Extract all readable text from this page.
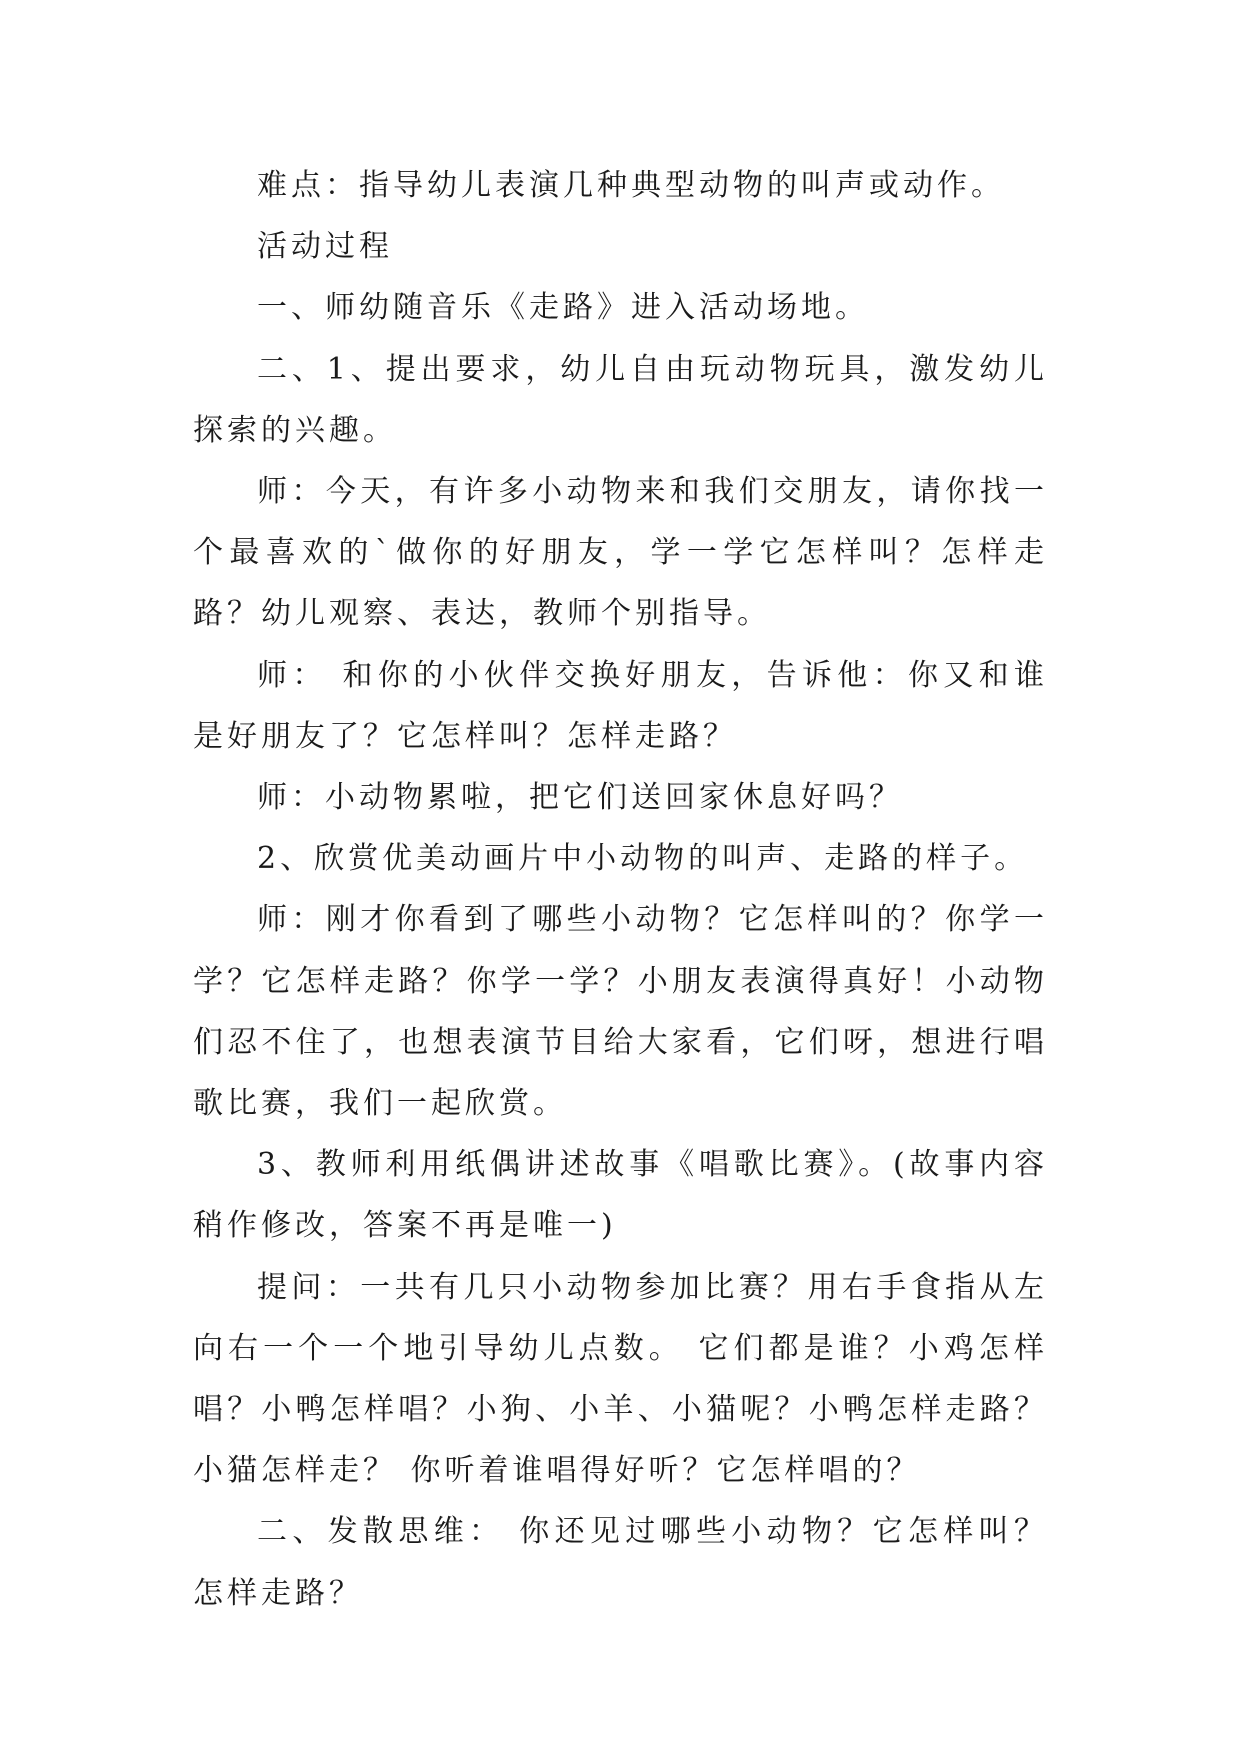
难点：指导幼儿表演几种典型动物的叫声或动作。

活动过程

一、师幼随音乐《走路》进入活动场地。

二、1、提出要求，幼儿自由玩动物玩具，激发幼儿探索的兴趣。

师：今天，有许多小动物来和我们交朋友，请你找一个最喜欢的`做你的好朋友，学一学它怎样叫？怎样走路？幼儿观察、表达，教师个别指导。

师： 和你的小伙伴交换好朋友，告诉他：你又和谁是好朋友了？它怎样叫？怎样走路？

师：小动物累啦，把它们送回家休息好吗？

2、欣赏优美动画片中小动物的叫声、走路的样子。

师：刚才你看到了哪些小动物？它怎样叫的？你学一学？它怎样走路？你学一学？小朋友表演得真好！小动物们忍不住了，也想表演节目给大家看，它们呀，想进行唱歌比赛，我们一起欣赏。

3、教师利用纸偶讲述故事《唱歌比赛》。(故事内容稍作修改，答案不再是唯一)

提问：一共有几只小动物参加比赛？用右手食指从左向右一个一个地引导幼儿点数。 它们都是谁？小鸡怎样唱？小鸭怎样唱？小狗、小羊、小猫呢？小鸭怎样走路？小猫怎样走？ 你听着谁唱得好听？它怎样唱的？

二、发散思维： 你还见过哪些小动物？它怎样叫？怎样走路？
